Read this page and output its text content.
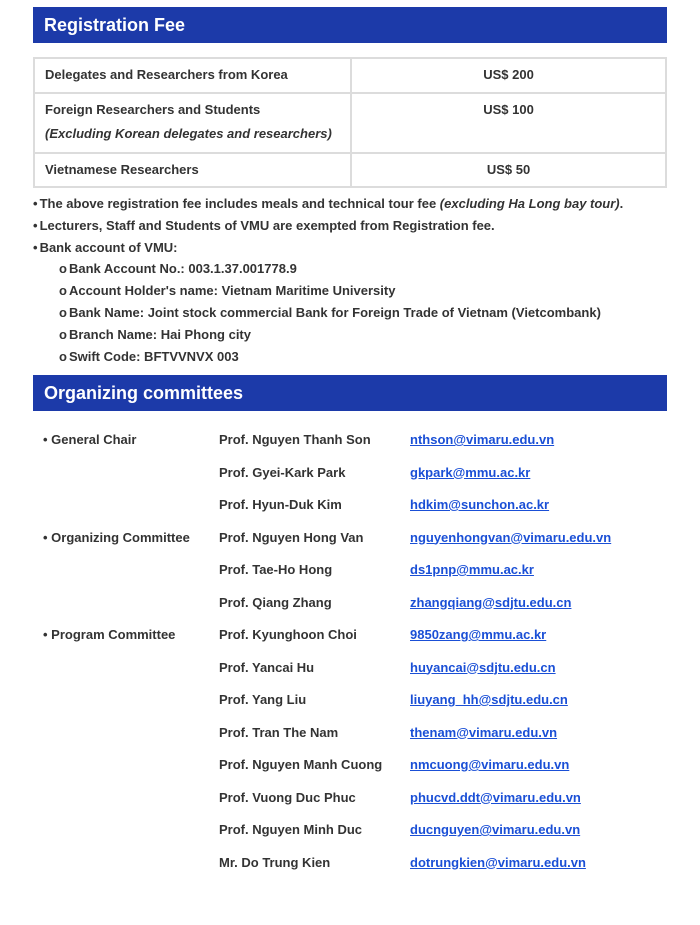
Registration Fee
Delegates and Researchers from Korea	US$ 200
Foreign Researchers and Students
(Excluding Korean delegates and researchers)	US$ 100
Vietnamese Researchers	US$ 50
• The above registration fee includes meals and technical tour fee (excluding Ha Long bay tour).
• Lecturers, Staff and Students of VMU are exempted from Registration fee.
• Bank account of VMU:
o Bank Account No.: 003.1.37.001778.9
o Account Holder's name: Vietnam Maritime University
o Bank Name: Joint stock commercial Bank for Foreign Trade of Vietnam (Vietcombank)
o Branch Name: Hai Phong city
o Swift Code: BFTVVNVX 003
Organizing committees
• General Chair	Prof. Nguyen Thanh Son	nthson@vimaru.edu.vn
Prof. Gyei-Kark Park	gkpark@mmu.ac.kr
Prof. Hyun-Duk Kim	hdkim@sunchon.ac.kr
• Organizing Committee Prof. Nguyen Hong Van	nguyenhongvan@vimaru.edu.vn
Prof. Tae-Ho Hong	ds1pnp@mmu.ac.kr
Prof. Qiang Zhang	zhangqiang@sdjtu.edu.cn
• Program Committee	Prof. Kyunghoon Choi	9850zang@mmu.ac.kr
Prof. Yancai Hu	huyancai@sdjtu.edu.cn
Prof. Yang Liu	liuyang_hh@sdjtu.edu.cn
Prof. Tran The Nam	thenam@vimaru.edu.vn
Prof. Nguyen Manh Cuong nmcuong@vimaru.edu.vn
Prof. Vuong Duc Phuc	phucvd.ddt@vimaru.edu.vn
Prof. Nguyen Minh Duc	ducnguyen@vimaru.edu.vn
Mr. Do Trung Kien	dotrungkien@vimaru.edu.vn
